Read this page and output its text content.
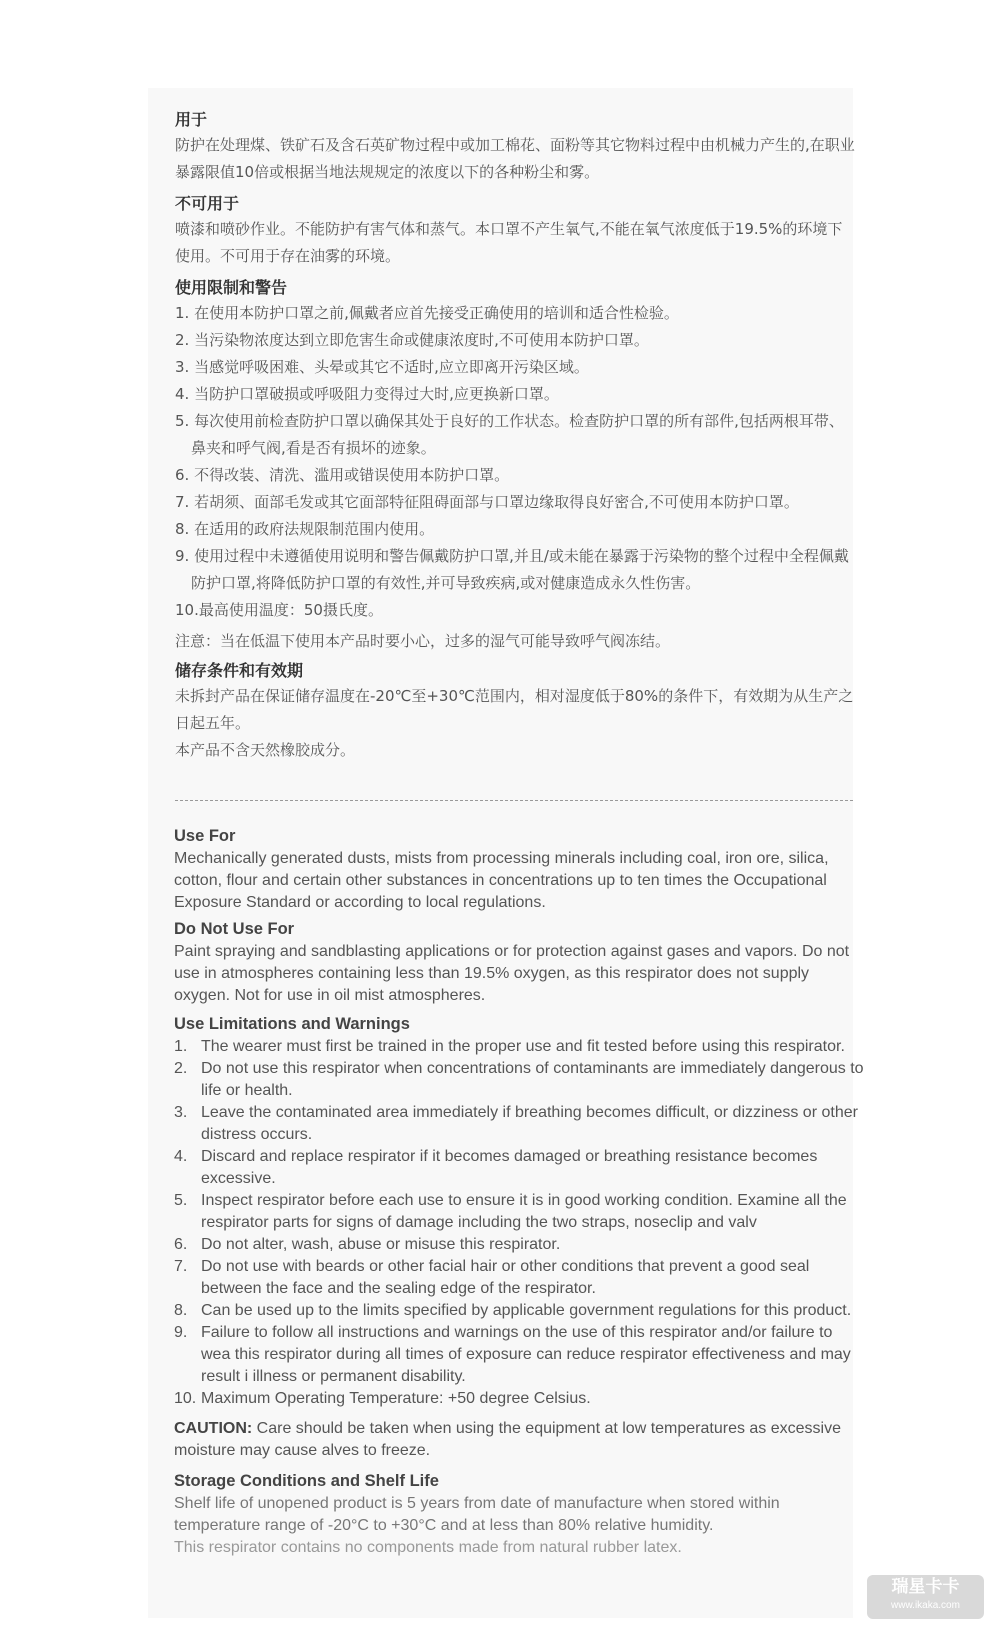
用于
防护在处理煤、铁矿石及含石英矿物过程中或加工棉花、面粉等其它物料过程中由机械力产生的,在职业暴露限值10倍或根据当地法规规定的浓度以下的各种粉尘和雾。
不可用于
喷漆和喷砂作业。不能防护有害气体和蒸气。本口罩不产生氧气,不能在氧气浓度低于19.5%的环境下使用。不可用于存在油雾的环境。
使用限制和警告
1. 在使用本防护口罩之前,佩戴者应首先接受正确使用的培训和适合性检验。
2. 当污染物浓度达到立即危害生命或健康浓度时,不可使用本防护口罩。
3. 当感觉呼吸困难、头晕或其它不适时,应立即离开污染区域。
4. 当防护口罩破损或呼吸阻力变得过大时,应更换新口罩。
5. 每次使用前检查防护口罩以确保其处于良好的工作状态。检查防护口罩的所有部件,包括两根耳带、鼻夹和呼气阀,看是否有损坏的迹象。
6. 不得改装、清洗、滥用或错误使用本防护口罩。
7. 若胡须、面部毛发或其它面部特征阻碍面部与口罩边缘取得良好密合,不可使用本防护口罩。
8. 在适用的政府法规限制范围内使用。
9. 使用过程中未遵循使用说明和警告佩戴防护口罩,并且/或未能在暴露于污染物的整个过程中全程佩戴防护口罩,将降低防护口罩的有效性,并可导致疾病,或对健康造成永久性伤害。
10.最高使用温度：50摄氏度。
注意：当在低温下使用本产品时要小心，过多的湿气可能导致呼气阀冻结。
储存条件和有效期
未拆封产品在保证储存温度在-20℃至+30℃范围内，相对湿度低于80%的条件下，有效期为从生产之日起五年。
本产品不含天然橡胶成分。
Use For
Mechanically generated dusts, mists from processing minerals including coal, iron ore, silica, cotton, flour and certain other substances in concentrations up to ten times the Occupational Exposure Standard or according to local regulations.
Do Not Use For
Paint spraying and sandblasting applications or for protection against gases and vapors. Do not use in atmospheres containing less than 19.5% oxygen, as this respirator does not supply oxygen. Not for use in oil mist atmospheres.
Use Limitations and Warnings
1. The wearer must first be trained in the proper use and fit tested before using this respirator.
2. Do not use this respirator when concentrations of contaminants are immediately dangerous to life or health.
3. Leave the contaminated area immediately if breathing becomes difficult, or dizziness or other distress occurs.
4. Discard and replace respirator if it becomes damaged or breathing resistance becomes excessive.
5. Inspect respirator before each use to ensure it is in good working condition. Examine all the respirator parts for signs of damage including the two straps, noseclip and valv
6. Do not alter, wash, abuse or misuse this respirator.
7. Do not use with beards or other facial hair or other conditions that prevent a good seal between the face and the sealing edge of the respirator.
8. Can be used up to the limits specified by applicable government regulations for this product.
9. Failure to follow all instructions and warnings on the use of this respirator and/or failure to wea this respirator during all times of exposure can reduce respirator effectiveness and may result i illness or permanent disability.
10. Maximum Operating Temperature: +50 degree Celsius.
CAUTION: Care should be taken when using the equipment at low temperatures as excessive moisture may cause alves to freeze.
Storage Conditions and Shelf Life
Shelf life of unopened product is 5 years from date of manufacture when stored within temperature range of -20°C to +30°C and at less than 80% relative humidity.
This respirator contains no components made from natural rubber latex.
瑞星卡卡
www.ikaka.com
